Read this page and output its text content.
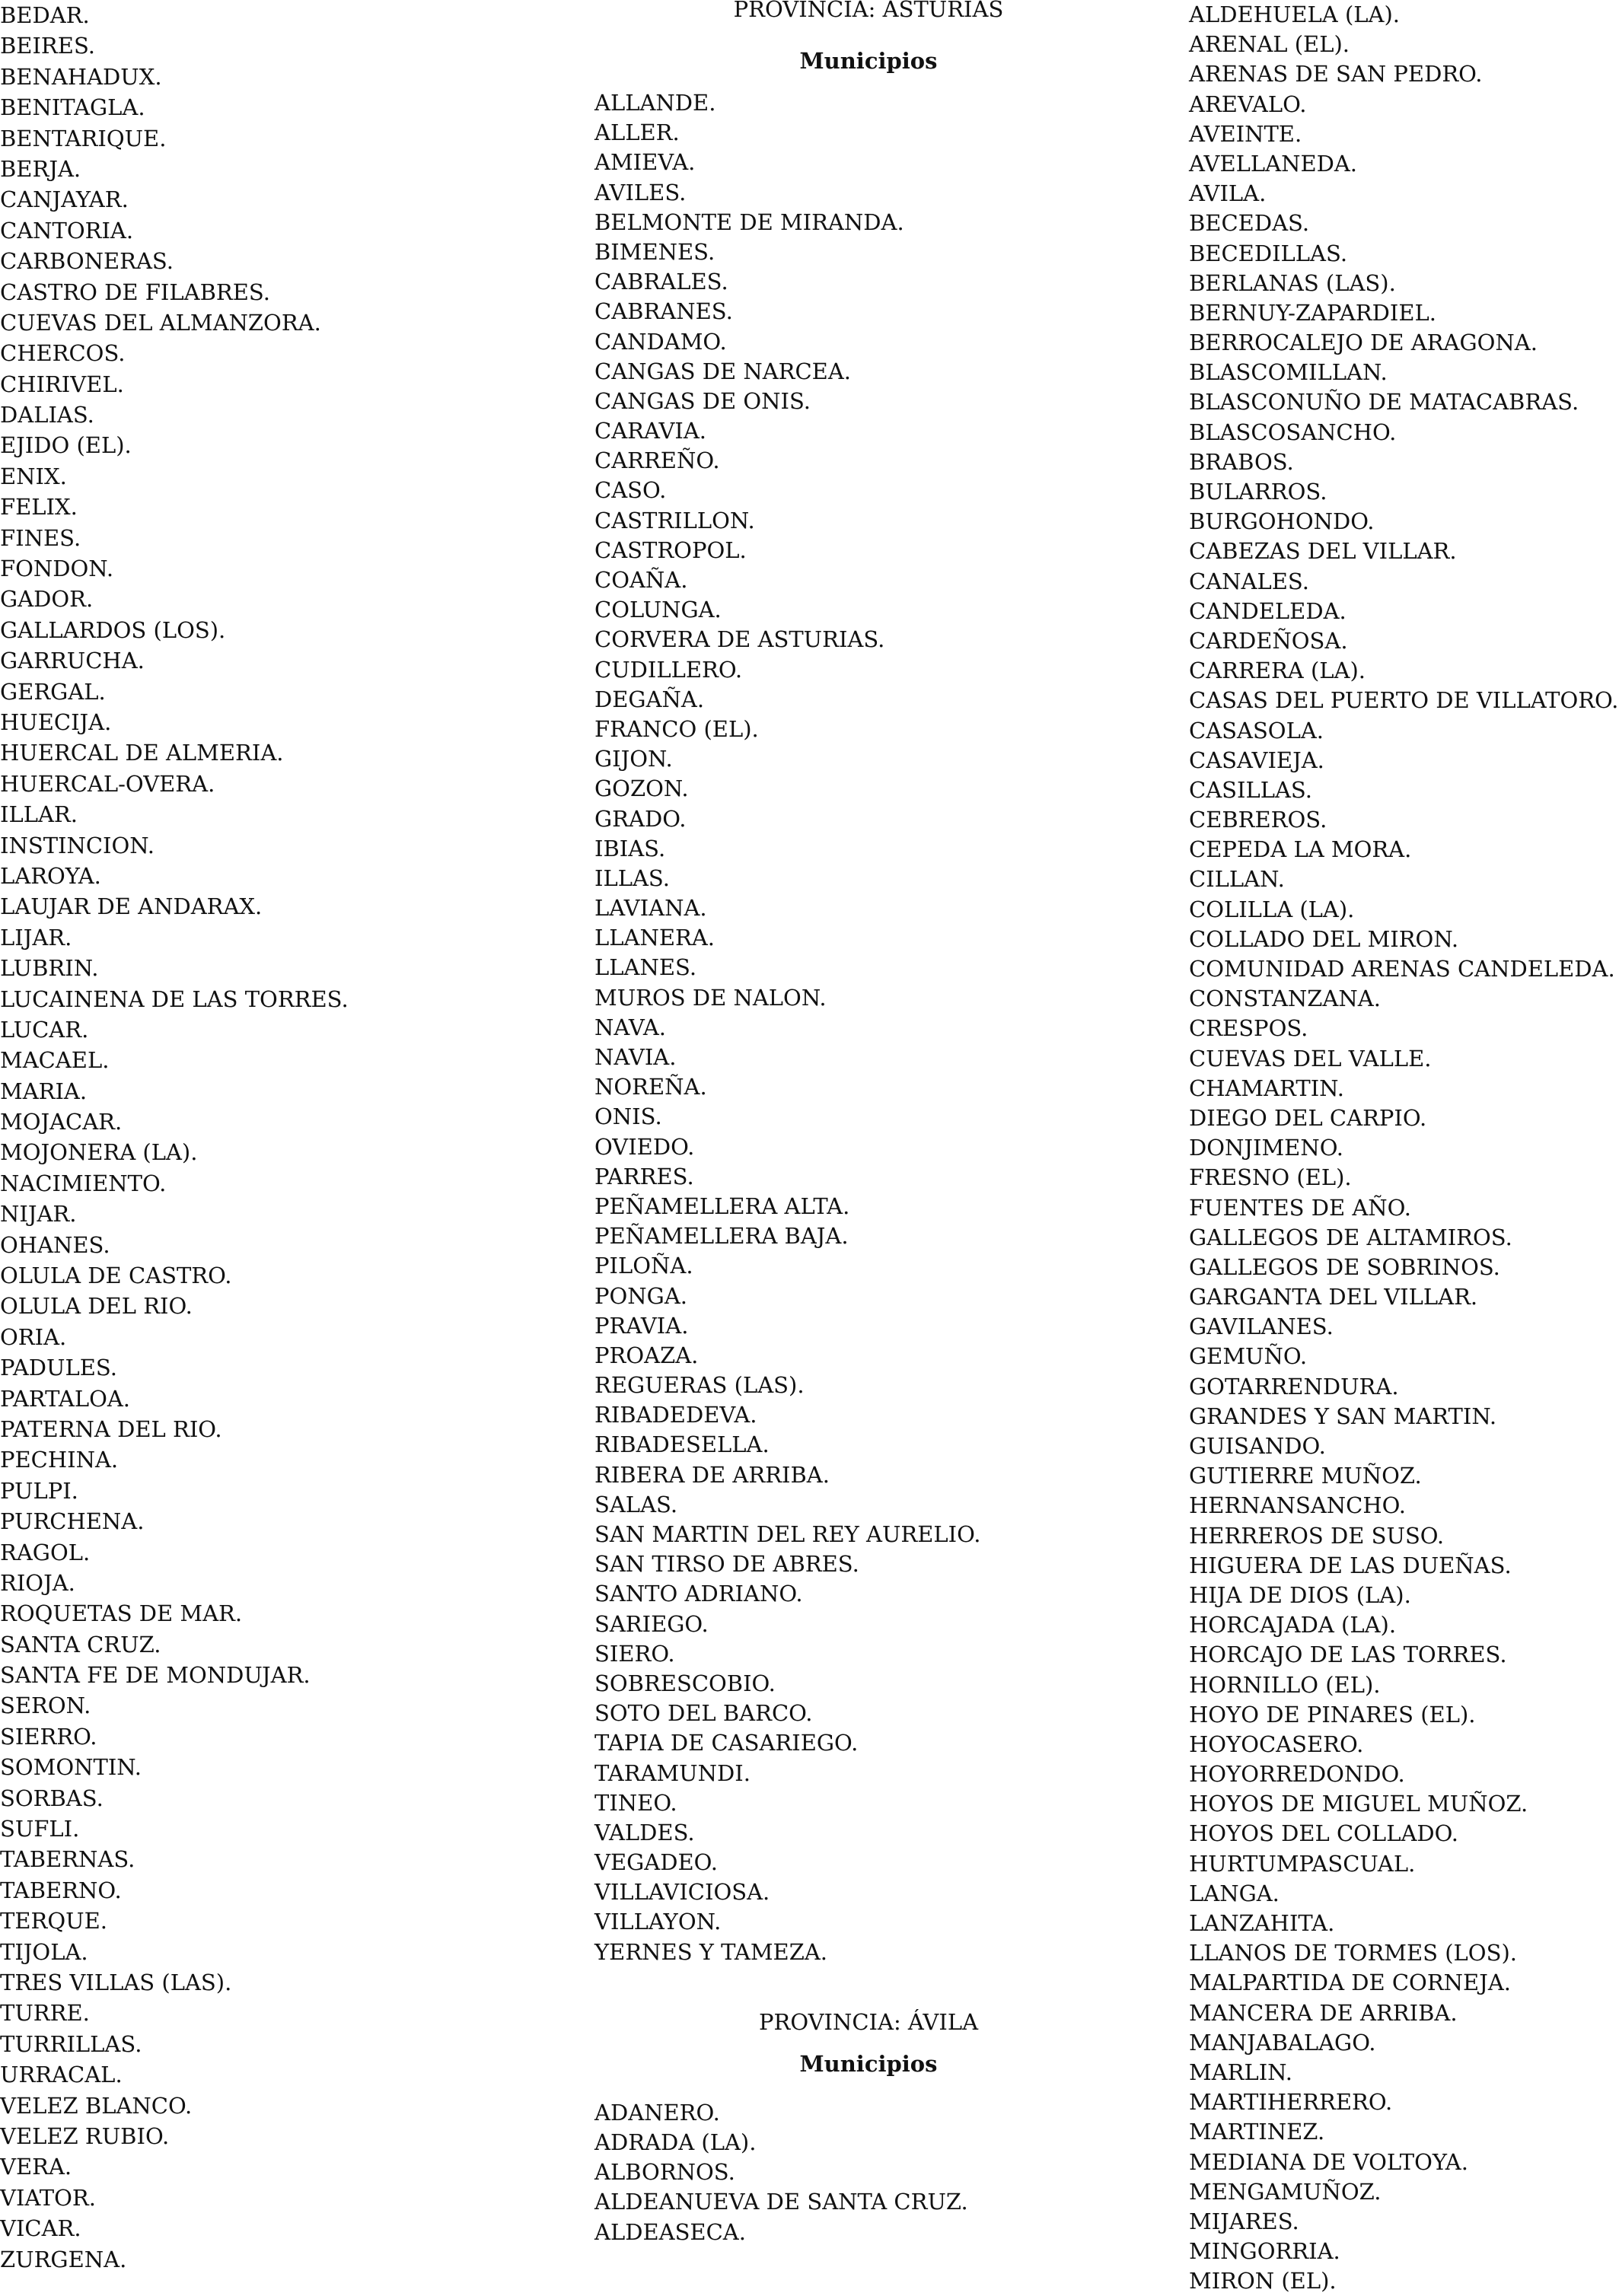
BEDAR.
BEIRES.
BENAHADUX.
BENITAGLA.
BENTARIQUE.
BERJA.
CANJAYAR.
CANTORIA.
CARBONERAS.
CASTRO DE FILABRES.
CUEVAS DEL ALMANZORA.
CHERCOS.
CHIRIVEL.
DALIAS.
EJIDO (EL).
ENIX.
FELIX.
FINES.
FONDON.
GADOR.
GALLARDOS (LOS).
GARRUCHA.
GERGAL.
HUECIJA.
HUERCAL DE ALMERIA.
HUERCAL-OVERA.
ILLAR.
INSTINCION.
LAROYA.
LAUJAR DE ANDARAX.
LIJAR.
LUBRIN.
LUCAINENA DE LAS TORRES.
LUCAR.
MACAEL.
MARIA.
MOJACAR.
MOJONERA (LA).
NACIMIENTO.
NIJAR.
OHANES.
OLULA DE CASTRO.
OLULA DEL RIO.
ORIA.
PADULES.
PARTALOA.
PATERNA DEL RIO.
PECHINA.
PULPI.
PURCHENA.
RAGOL.
RIOJA.
ROQUETAS DE MAR.
SANTA CRUZ.
SANTA FE DE MONDUJAR.
SERON.
SIERRO.
SOMONTIN.
SORBAS.
SUFLI.
TABERNAS.
TABERNO.
TERQUE.
TIJOLA.
TRES VILLAS (LAS).
TURRE.
TURRILLAS.
URRACAL.
VELEZ BLANCO.
VELEZ RUBIO.
VERA.
VIATOR.
VICAR.
ZURGENA.
PROVINCIA: ASTURIAS
Municipios
ALLANDE.
ALLER.
AMIEVA.
AVILES.
BELMONTE DE MIRANDA.
BIMENES.
CABRALES.
CABRANES.
CANDAMO.
CANGAS DE NARCEA.
CANGAS DE ONIS.
CARAVIA.
CARREÑO.
CASO.
CASTRILLON.
CASTROPOL.
COAÑA.
COLUNGA.
CORVERA DE ASTURIAS.
CUDILLERO.
DEGAÑA.
FRANCO (EL).
GIJON.
GOZON.
GRADO.
IBIAS.
ILLAS.
LAVIANA.
LLANERA.
LLANES.
MUROS DE NALON.
NAVA.
NAVIA.
NOREÑA.
ONIS.
OVIEDO.
PARRES.
PEÑAMELLERA ALTA.
PEÑAMELLERA BAJA.
PILOÑA.
PONGA.
PRAVIA.
PROAZA.
REGUERAS (LAS).
RIBADEDEVA.
RIBADESELLA.
RIBERA DE ARRIBA.
SALAS.
SAN MARTIN DEL REY AURELIO.
SAN TIRSO DE ABRES.
SANTO ADRIANO.
SARIEGO.
SIERO.
SOBRESCOBIO.
SOTO DEL BARCO.
TAPIA DE CASARIEGO.
TARAMUNDI.
TINEO.
VALDES.
VEGADEO.
VILLAVICIOSA.
VILLAYON.
YERNES Y TAMEZA.
PROVINCIA: ÁVILA
Municipios
ADANERO.
ADRADA (LA).
ALBORNOS.
ALDEANUEVA DE SANTA CRUZ.
ALDEASECA.
ALDEHUELA (LA).
ARENAL (EL).
ARENAS DE SAN PEDRO.
AREVALO.
AVEINTE.
AVELLANEDA.
AVILA.
BECEDAS.
BECEDILLAS.
BERLANAS (LAS).
BERNUY-ZAPARDIEL.
BERROCALEJO DE ARAGONA.
BLASCOMILLAN.
BLASCONUÑO DE MATACABRAS.
BLASCOSANCHO.
BRABOS.
BULARROS.
BURGOHONDO.
CABEZAS DEL VILLAR.
CANALES.
CANDELEDA.
CARDEÑOSA.
CARRERA (LA).
CASAS DEL PUERTO DE VILLATORO.
CASASOLA.
CASAVIEJA.
CASILLAS.
CEBREROS.
CEPEDA LA MORA.
CILLAN.
COLILLA (LA).
COLLADO DEL MIRON.
COMUNIDAD ARENAS CANDELEDA.
CONSTANZANA.
CRESPOS.
CUEVAS DEL VALLE.
CHAMARTIN.
DIEGO DEL CARPIO.
DONJIMENO.
FRESNO (EL).
FUENTES DE AÑO.
GALLEGOS DE ALTAMIROS.
GALLEGOS DE SOBRINOS.
GARGANTA DEL VILLAR.
GAVILANES.
GEMUÑO.
GOTARRENDURA.
GRANDES Y SAN MARTIN.
GUISANDO.
GUTIERRE MUÑOZ.
HERNANSANCHO.
HERREROS DE SUSO.
HIGUERA DE LAS DUEÑAS.
HIJA DE DIOS (LA).
HORCAJADA (LA).
HORCAJO DE LAS TORRES.
HORNILLO (EL).
HOYO DE PINARES (EL).
HOYOCASERO.
HOYORREDONDO.
HOYOS DE MIGUEL MUÑOZ.
HOYOS DEL COLLADO.
HURTUMPASCUAL.
LANGA.
LANZAHITA.
LLANOS DE TORMES (LOS).
MALPARTIDA DE CORNEJA.
MANCERA DE ARRIBA.
MANJABALAGO.
MARLIN.
MARTIHERRERO.
MARTINEZ.
MEDIANA DE VOLTOYA.
MENGAMUÑOZ.
MIJARES.
MINGORRIA.
MIRON (EL).
